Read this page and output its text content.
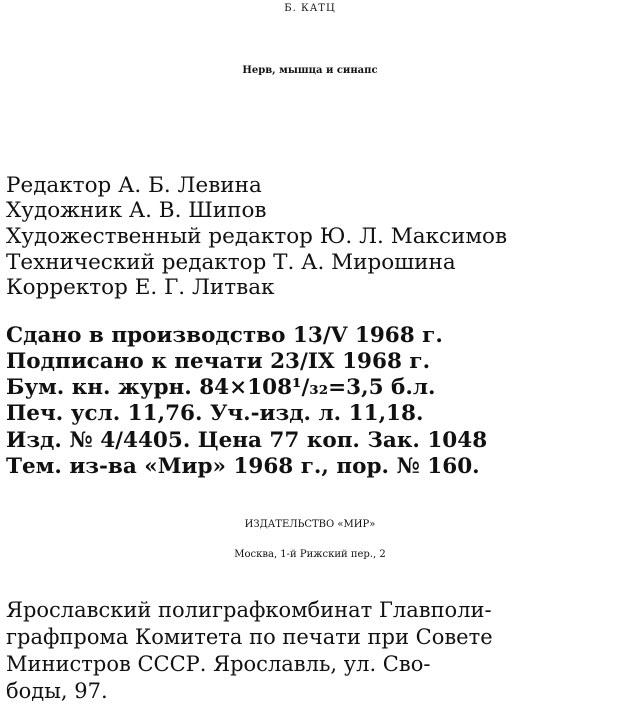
Б. КАТЦ
Нерв, мышца и синапс
Редактор А. Б. Левина
Художник А. В. Шипов
Художественный редактор Ю. Л. Максимов
Технический редактор Т. А. Мирошина
Корректор Е. Г. Литвак
Сдано в производство 13/V 1968 г.
Подписано к печати 23/IX 1968 г.
Бум. кн. журн. 84×108¹/₃₂=3,5 б.л.
Печ. усл. 11,76. Уч.-изд. л. 11,18.
Изд. № 4/4405. Цена 77 коп. Зак. 1048
Тем. из-ва «Мир» 1968 г., пор. № 160.
ИЗДАТЕЛЬСТВО «МИР»
Москва, 1-й Рижский пер., 2
Ярославский полиграфкомбинат Главполи-
графпрома Комитета по печати при Совете
Министров СССР. Ярославль, ул. Сво-
боды, 97.
